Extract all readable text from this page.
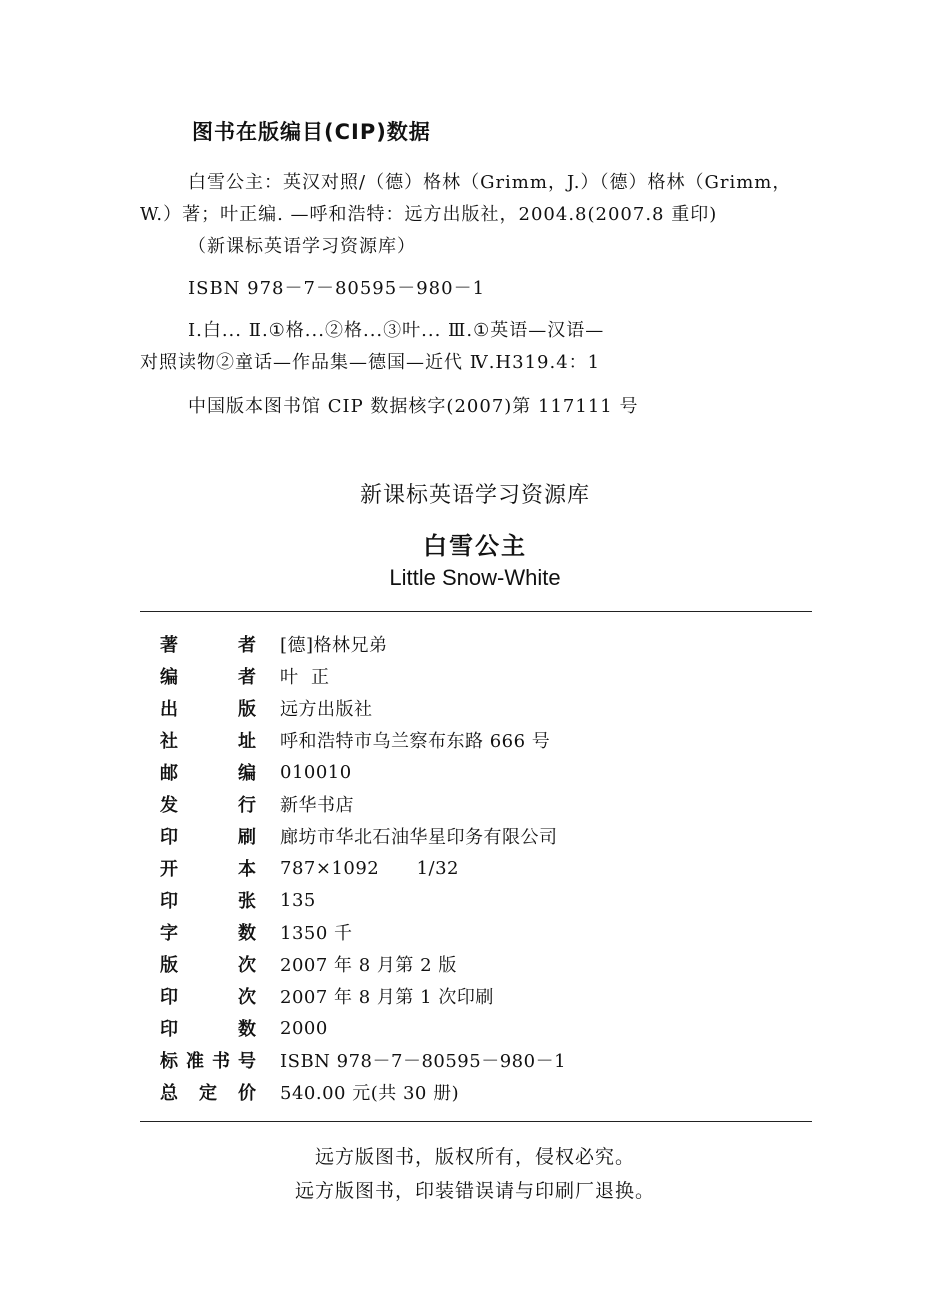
图书在版编目(CIP)数据
白雪公主：英汉对照/（德）格林（Grimm，J.）（德）格林（Grimm，
W.）著；叶正编. —呼和浩特：远方出版社，2004.8(2007.8 重印)
（新课标英语学习资源库）
ISBN 978－7－80595－980－1
Ⅰ.白... Ⅱ.①格...②格...③叶... Ⅲ.①英语—汉语—
对照读物②童话—作品集—德国—近代 Ⅳ.H319.4：1
中国版本图书馆 CIP 数据核字(2007)第 117111 号
新课标英语学习资源库
白雪公主
Little Snow-White
著者 [德]格林兄弟
编者 叶  正
出版 远方出版社
社址 呼和浩特市乌兰察布东路 666 号
邮编 010010
发行 新华书店
印刷 廊坊市华北石油华星印务有限公司
开本 787×1092      1/32
印张 135
字数 1350 千
版次 2007 年 8 月第 2 版
印次 2007 年 8 月第 1 次印刷
印数 2000
标准书号 ISBN 978－7－80595－980－1
总定价 540.00 元(共 30 册)
远方版图书，版权所有，侵权必究。
远方版图书，印装错误请与印刷厂退换。
